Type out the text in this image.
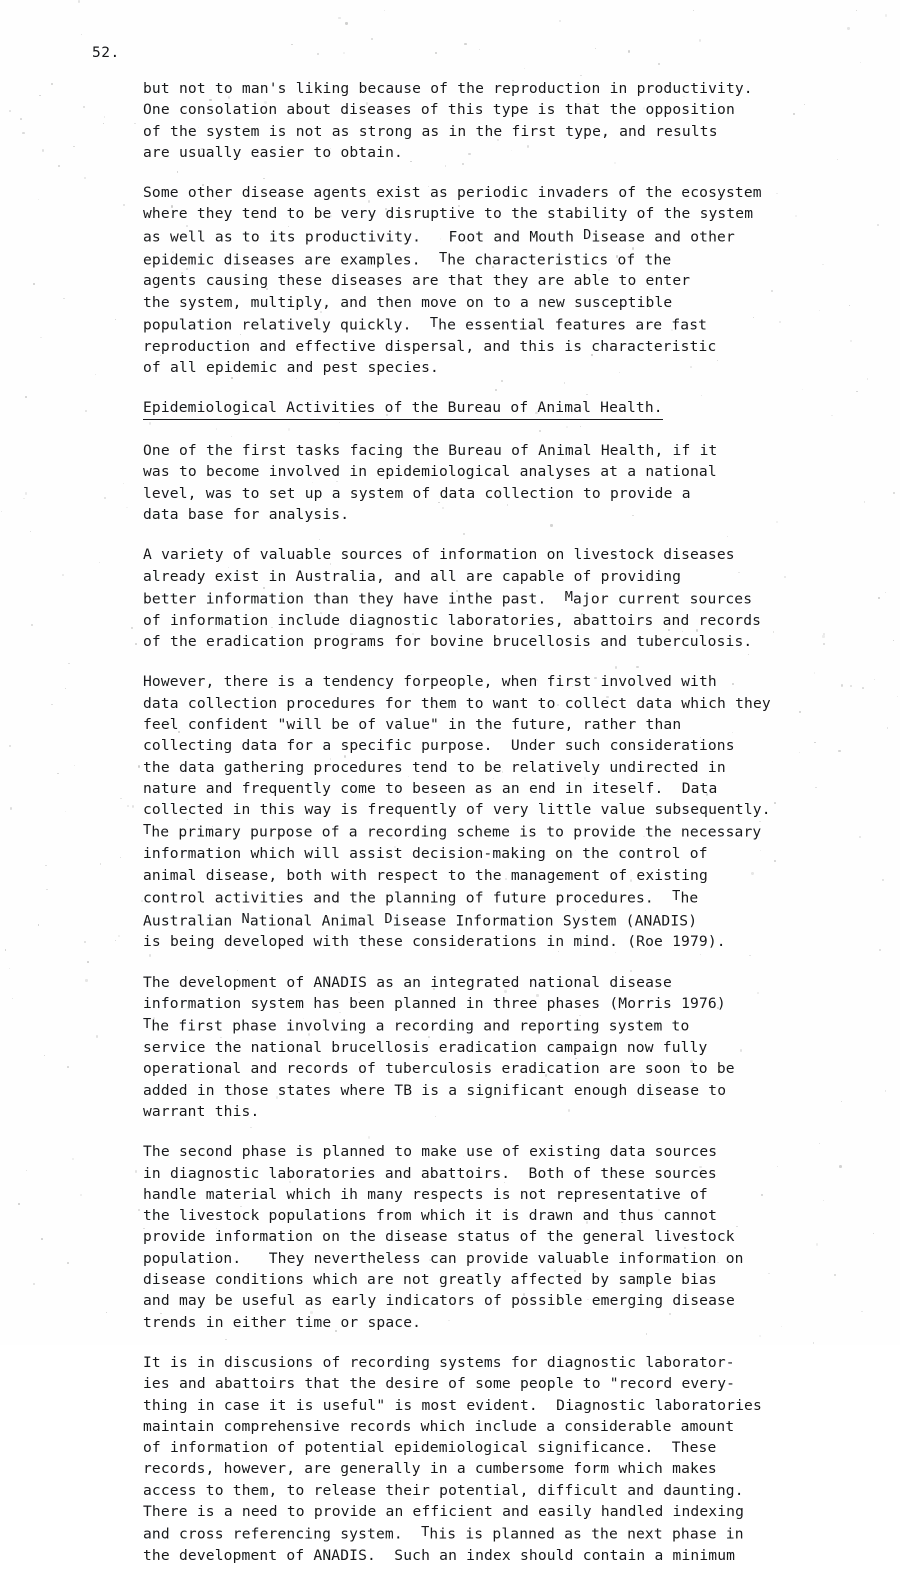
52.
but not to man's liking because of the reproduction in productivity.
One consolation about diseases of this type is that the opposition
of the system is not as strong as in the first type, and results
are usually easier to obtain.
Some other disease agents exist as periodic invaders of the ecosystem
where they tend to be very disruptive to the stability of the system
as well as to its productivity. Foot and Mouth Disease and other
epidemic diseases are examples. The characteristics of the
agents causing these diseases are that they are able to enter
the system, multiply, and then move on to a new susceptible
population relatively quickly. The essential features are fast
reproduction and effective dispersal, and this is characteristic
of all epidemic and pest species.
Epidemiological Activities of the Bureau of Animal Health.
One of the first tasks facing the Bureau of Animal Health, if it
was to become involved in epidemiological analyses at a national
level, was to set up a system of data collection to provide a
data base for analysis.
A variety of valuable sources of information on livestock diseases
already exist in Australia, and all are capable of providing
better information than they have inthe past. Major current sources
of information include diagnostic laboratories, abattoirs and records
of the eradication programs for bovine brucellosis and tuberculosis.
However, there is a tendency forpeople, when first involved with
data collection procedures for them to want to collect data which they
feel confident "will be of value" in the future, rather than
collecting data for a specific purpose. Under such considerations
the data gathering procedures tend to be relatively undirected in
nature and frequently come to beseen as an end in iteself. Data
collected in this way is frequently of very little value subsequently.
The primary purpose of a recording scheme is to provide the necessary
information which will assist decision-making on the control of
animal disease, both with respect to the management of existing
control activities and the planning of future procedures. The
Australian National Animal Disease Information System (ANADIS)
is being developed with these considerations in mind. (Roe 1979).
The development of ANADIS as an integrated national disease
information system has been planned in three phases (Morris 1976)
The first phase involving a recording and reporting system to
service the national brucellosis eradication campaign now fully
operational and records of tuberculosis eradication are soon to be
added in those states where TB is a significant enough disease to
warrant this.
The second phase is planned to make use of existing data sources
in diagnostic laboratories and abattoirs. Both of these sources
handle material which ih many respects is not representative of
the livestock populations from which it is drawn and thus cannot
provide information on the disease status of the general livestock
population. They nevertheless can provide valuable information on
disease conditions which are not greatly affected by sample bias
and may be useful as early indicators of possible emerging disease
trends in either time or space.
It is in discusions of recording systems for diagnostic laborator-
ies and abattoirs that the desire of some people to "record every-
thing in case it is useful" is most evident. Diagnostic laboratories
maintain comprehensive records which include a considerable amount
of information of potential epidemiological significance. These
records, however, are generally in a cumbersome form which makes
access to them, to release their potential, difficult and daunting.
There is a need to provide an efficient and easily handled indexing
and cross referencing system. This is planned as the next phase in
the development of ANADIS. Such an index should contain a minimum
